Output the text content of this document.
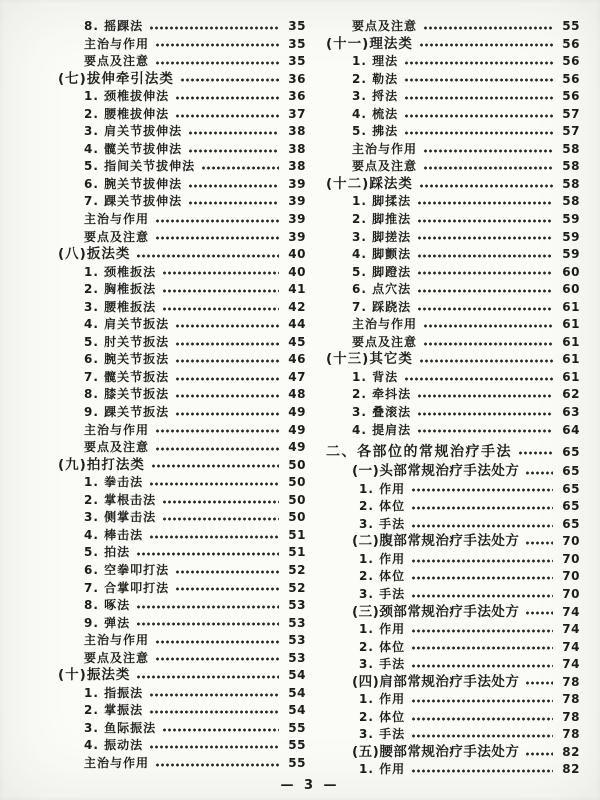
8. 摇踝法	35
主治与作用	35
要点及注意	35
(七)拔伸牵引法类	36
1. 颈椎拔伸法	36
2. 腰椎拔伸法	37
3. 肩关节拔伸法	38
4. 髋关节拔伸法	38
5. 指间关节拔伸法	38
6. 腕关节拔伸法	39
7. 踝关节拔伸法	39
主治与作用	39
要点及注意	39
(八)扳法类	40
1. 颈椎扳法	40
2. 胸椎扳法	41
3. 腰椎扳法	42
4. 肩关节扳法	44
5. 肘关节扳法	45
6. 腕关节扳法	46
7. 髋关节扳法	47
8. 膝关节扳法	48
9. 踝关节扳法	49
主治与作用	49
要点及注意	49
(九)拍打法类	50
1. 拳击法	50
2. 掌根击法	50
3. 侧掌击法	50
4. 棒击法	51
5. 拍法	51
6. 空拳叩打法	52
7. 合掌叩打法	52
8. 啄法	53
9. 弹法	53
主治与作用	53
要点及注意	53
(十)振法类	54
1. 指振法	54
2. 掌振法	54
3. 鱼际振法	55
4. 振动法	55
主治与作用	55
要点及注意	55
(十一)理法类	56
1. 理法	56
2. 勒法	56
3. 捋法	56
4. 梳法	57
5. 拂法	57
主治与作用	58
要点及注意	58
(十二)踩法类	58
1. 脚揉法	58
2. 脚推法	59
3. 脚搓法	59
4. 脚颤法	59
5. 脚蹬法	60
6. 点穴法	60
7. 踩跷法	61
主治与作用	61
要点及注意	61
(十三)其它类	61
1. 背法	61
2. 牵抖法	62
3. 叠滚法	63
4. 提肩法	64
二、各部位的常规治疗手法	65
(一)头部常规治疗手法处方	65
1. 作用	65
2. 体位	65
3. 手法	65
(二)腹部常规治疗手法处方	70
1. 作用	70
2. 体位	70
3. 手法	70
(三)颈部常规治疗手法处方	74
1. 作用	74
2. 体位	74
3. 手法	74
(四)肩部常规治疗手法处方	78
1. 作用	78
2. 体位	78
3. 手法	78
(五)腰部常规治疗手法处方	82
1. 作用	82
— 3 —
